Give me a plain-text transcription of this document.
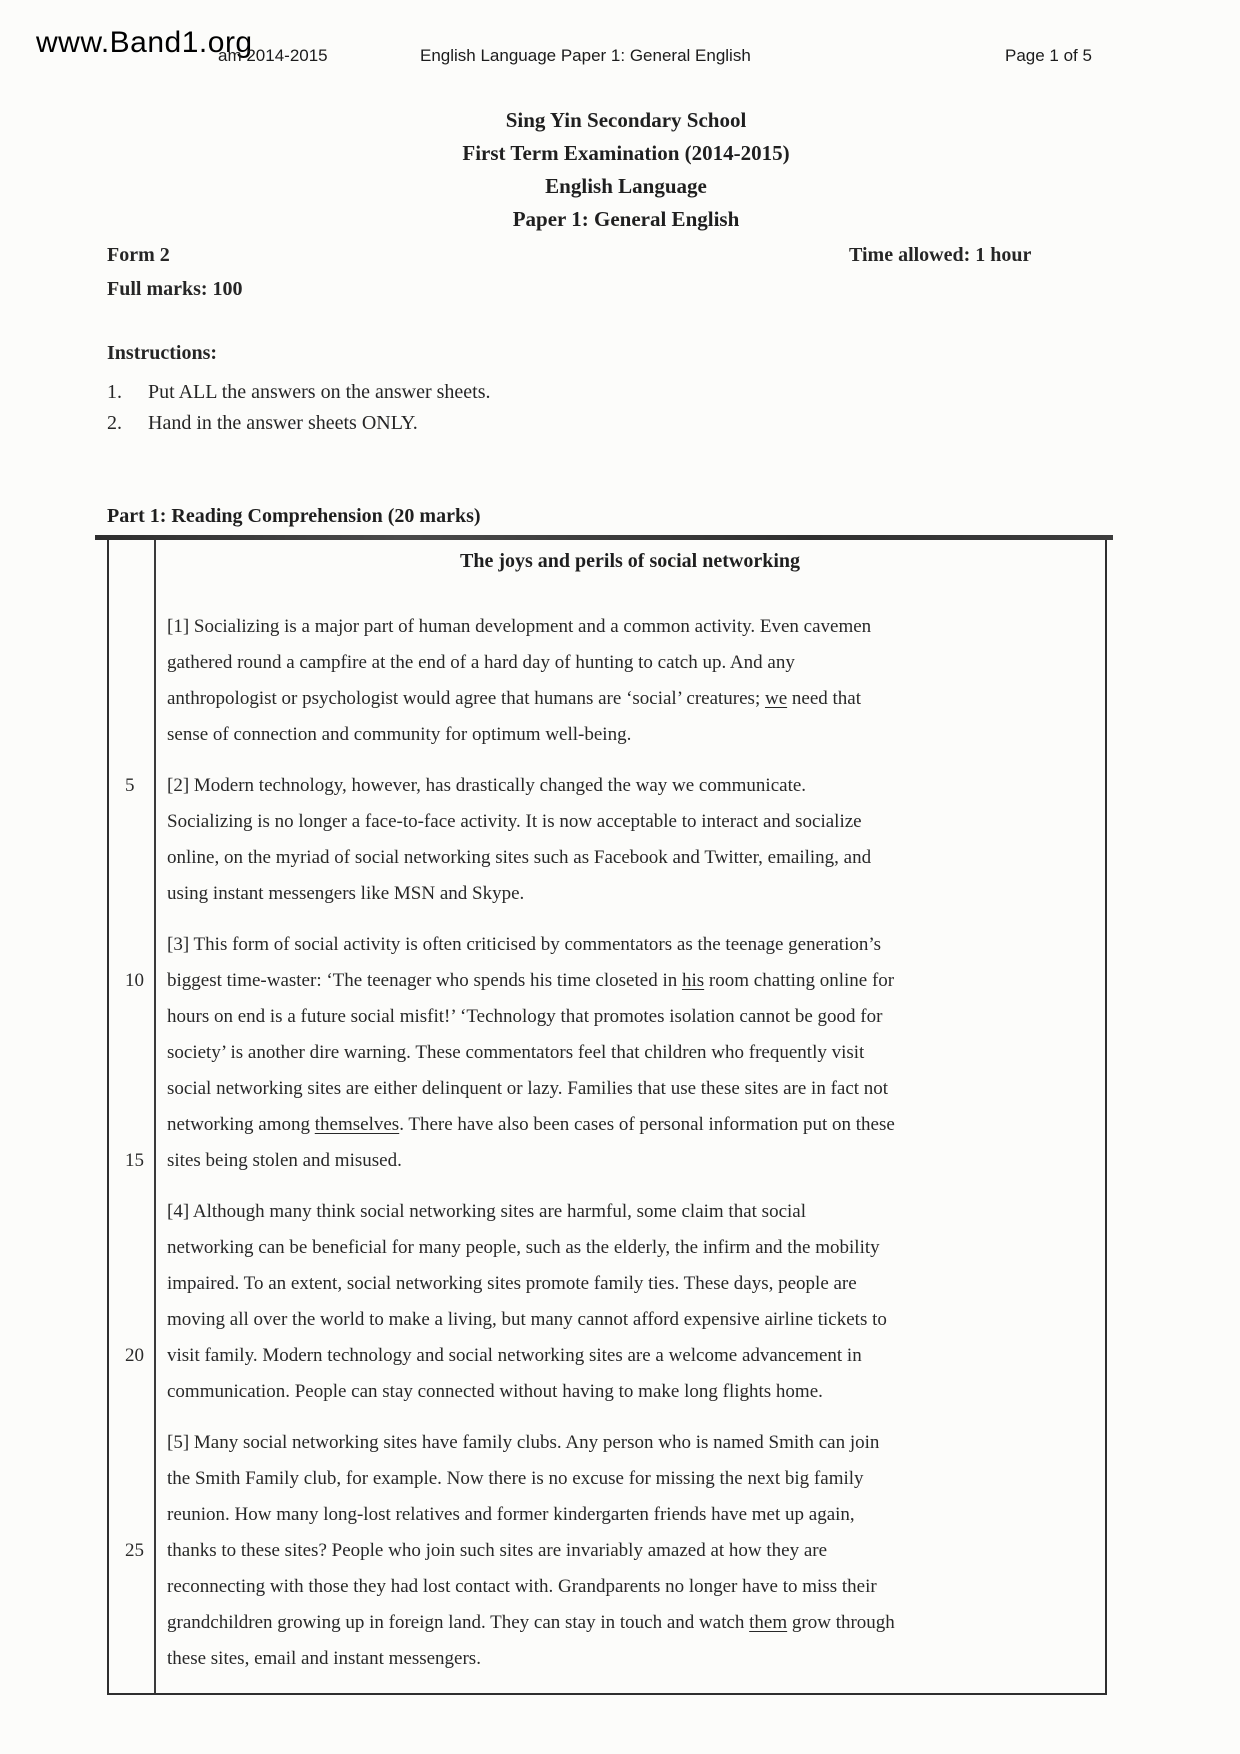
www.Band1.org
am 2014-2015	English Language Paper 1: General English	Page 1 of 5
Sing Yin Secondary School
First Term Examination (2014-2015)
English Language
Paper 1: General English
Form 2	Time allowed: 1 hour
Full marks: 100
Instructions:
1.	Put ALL the answers on the answer sheets.
2.	Hand in the answer sheets ONLY.
Part 1: Reading Comprehension (20 marks)
The joys and perils of social networking
[1] Socializing is a major part of human development and a common activity. Even cavemen
gathered round a campfire at the end of a hard day of hunting to catch up. And any
anthropologist or psychologist would agree that humans are ‘social’ creatures; we need that
sense of connection and community for optimum well-being.
5	[2] Modern technology, however, has drastically changed the way we communicate.
Socializing is no longer a face-to-face activity. It is now acceptable to interact and socialize
online, on the myriad of social networking sites such as Facebook and Twitter, emailing, and
using instant messengers like MSN and Skype.
[3] This form of social activity is often criticised by commentators as the teenage generation’s
10	biggest time-waster: ‘The teenager who spends his time closeted in his room chatting online for
hours on end is a future social misfit!’ ‘Technology that promotes isolation cannot be good for
society’ is another dire warning. These commentators feel that children who frequently visit
social networking sites are either delinquent or lazy. Families that use these sites are in fact not
networking among themselves. There have also been cases of personal information put on these
15	sites being stolen and misused.
[4] Although many think social networking sites are harmful, some claim that social
networking can be beneficial for many people, such as the elderly, the infirm and the mobility
impaired. To an extent, social networking sites promote family ties. These days, people are
moving all over the world to make a living, but many cannot afford expensive airline tickets to
20	visit family. Modern technology and social networking sites are a welcome advancement in
communication. People can stay connected without having to make long flights home.
[5] Many social networking sites have family clubs. Any person who is named Smith can join
the Smith Family club, for example. Now there is no excuse for missing the next big family
reunion. How many long-lost relatives and former kindergarten friends have met up again,
25	thanks to these sites? People who join such sites are invariably amazed at how they are
reconnecting with those they had lost contact with. Grandparents no longer have to miss their
grandchildren growing up in foreign land. They can stay in touch and watch them grow through
these sites, email and instant messengers.
